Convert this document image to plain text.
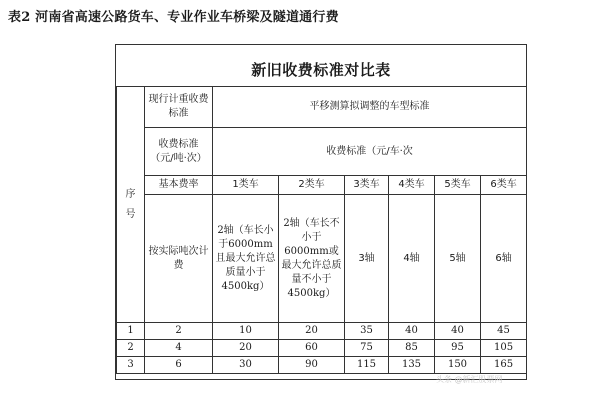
表2 河南省高速公路货车、专业作业车桥梁及隧道通行费
新旧收费标准对比表
序号	现行计重收费标准	平移测算拟调整的车型标准					
	收费标准（元/吨·次）	收费标准（元/车·次					
	基本费率	1类车	2类车	3类车	4类车	5类车	6类车
	按实际吨次计费	2轴（车长小于6000mm且最大允许总质量小于4500kg）	2轴（车长不小于6000mm或最大允许总质量不小于4500kg）	3轴	4轴	5轴	6轴
1	2	10	20	35	40	40	45
2	4	20	60	75	85	95	105
3	6	30	90	115	135	150	165
头条 @新汇股票网
